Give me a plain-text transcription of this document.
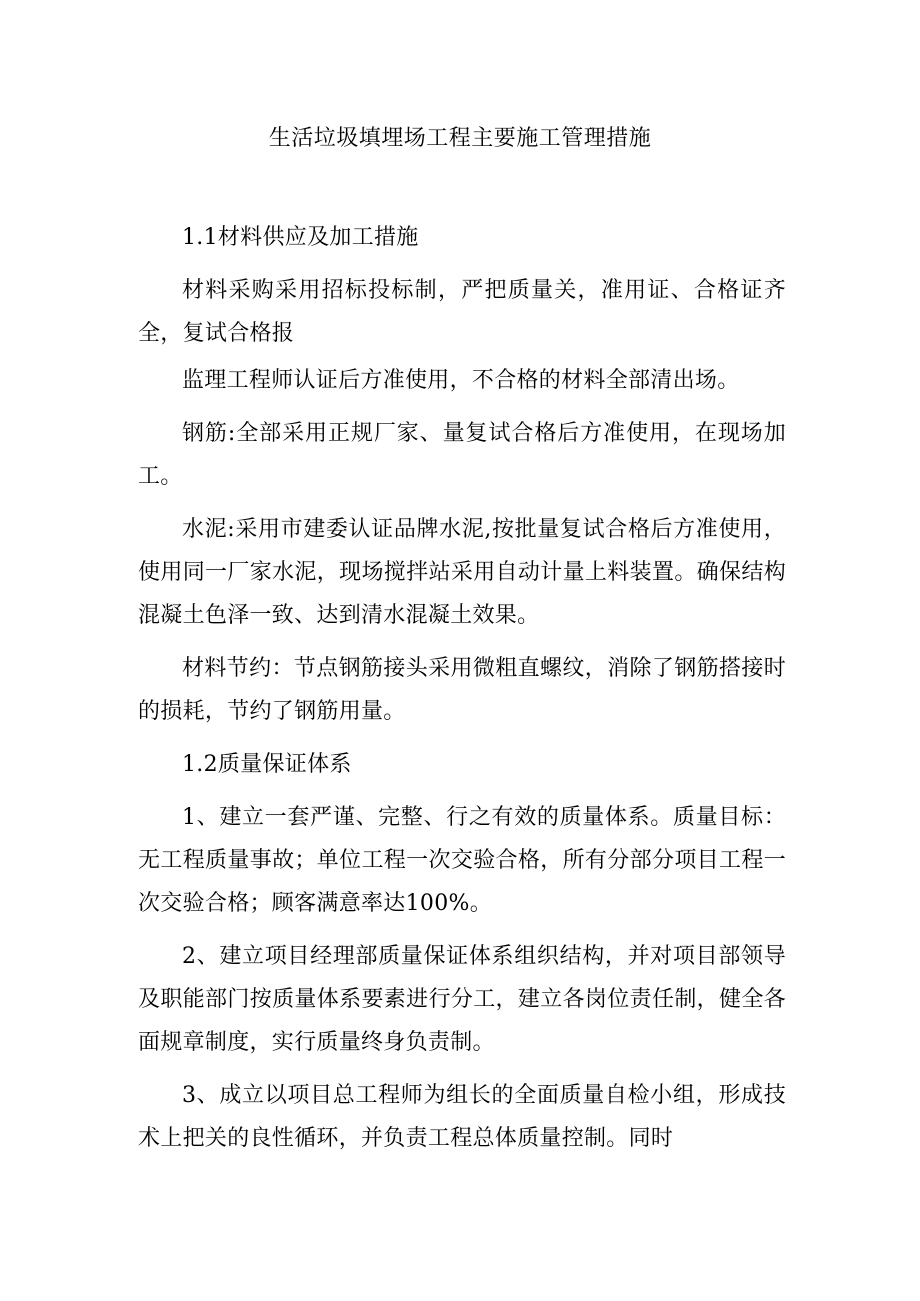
生活垃圾填埋场工程主要施工管理措施

1.1材料供应及加工措施

材料采购采用招标投标制，严把质量关，准用证、合格证齐全，复试合格报

监理工程师认证后方准使用，不合格的材料全部清出场。

钢筋:全部采用正规厂家、量复试合格后方准使用，在现场加工。

水泥:采用市建委认证品牌水泥,按批量复试合格后方准使用，使用同一厂家水泥，现场搅拌站采用自动计量上料装置。确保结构混凝土色泽一致、达到清水混凝土效果。

材料节约：节点钢筋接头采用微粗直螺纹，消除了钢筋搭接时的损耗，节约了钢筋用量。

1.2质量保证体系

1、建立一套严谨、完整、行之有效的质量体系。质量目标：无工程质量事故；单位工程一次交验合格，所有分部分项目工程一次交验合格；顾客满意率达100%。

2、建立项目经理部质量保证体系组织结构，并对项目部领导及职能部门按质量体系要素进行分工，建立各岗位责任制，健全各面规章制度，实行质量终身负责制。

3、成立以项目总工程师为组长的全面质量自检小组，形成技术上把关的良性循环，并负责工程总体质量控制。同时
